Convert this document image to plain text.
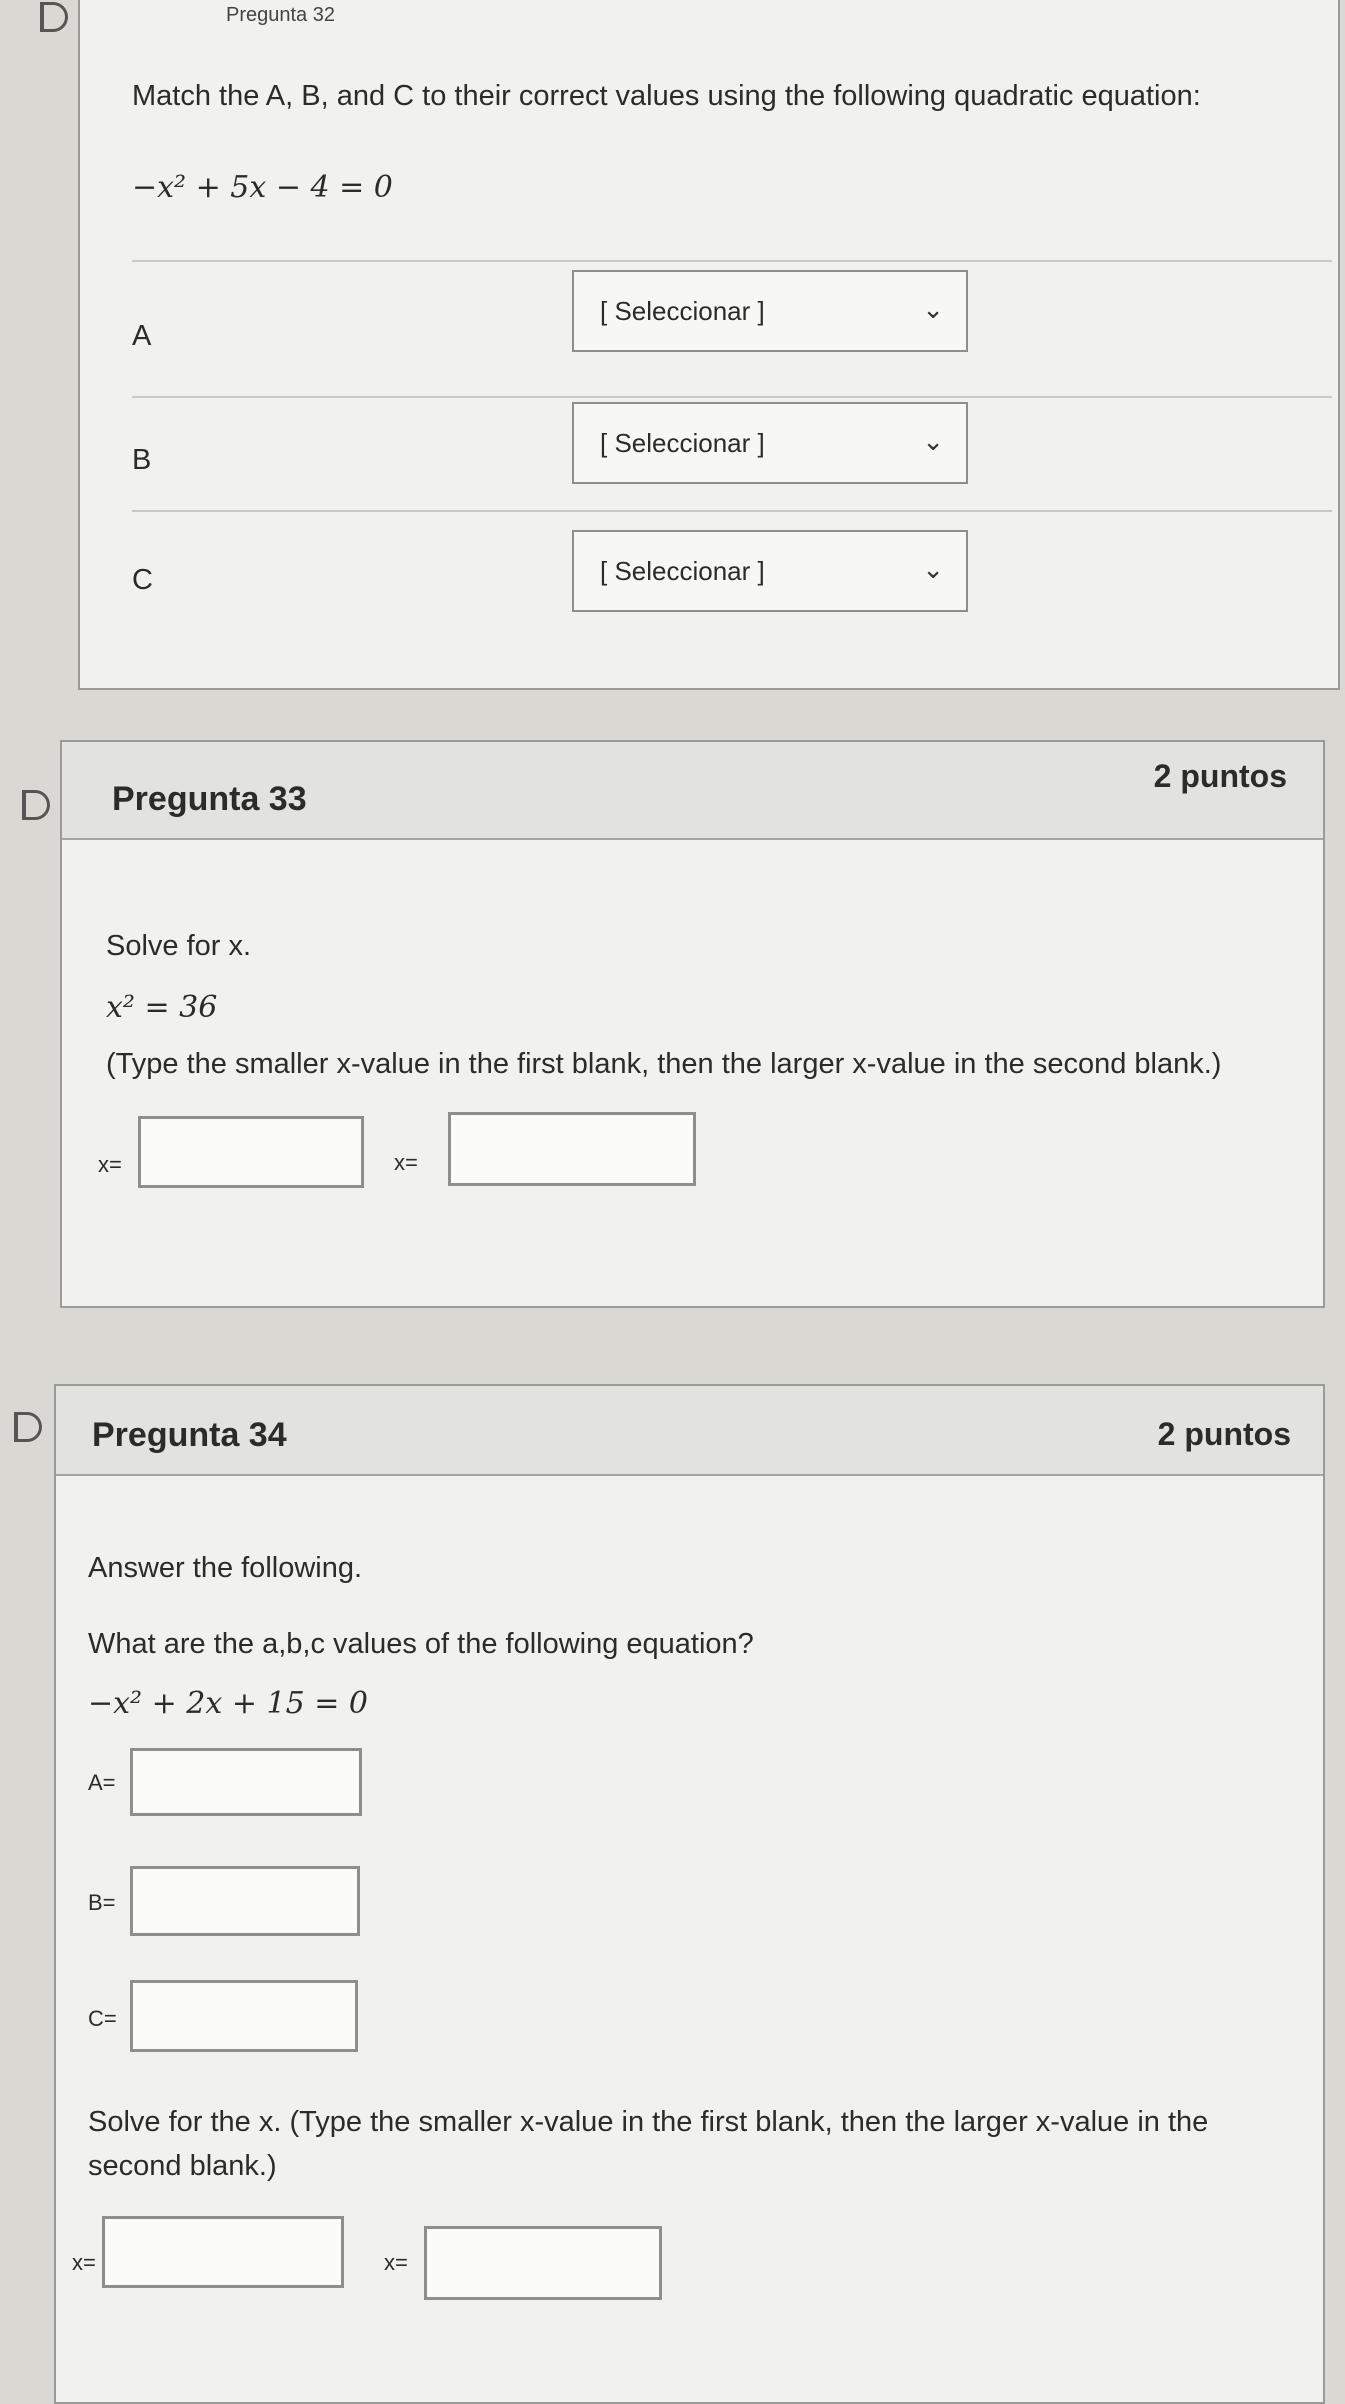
Pregunta 32
Match the A, B, and C to their correct values using the following quadratic equation:
−x² + 5x − 4 = 0
A
[ Seleccionar ]	⌄
B
[ Seleccionar ]	⌄
C	[ Seleccionar ]	⌄
Pregunta 33
2 puntos
Solve for x.
x² = 36
(Type the smaller x-value in the first blank, then the larger x-value in the second blank.)
x=	x=
Pregunta 34	2 puntos
Answer the following.
What are the a,b,c values of the following equation?
−x² + 2x + 15 = 0
A=
B=
C=
Solve for the x. (Type the smaller x-value in the first blank, then the larger x-value in the second blank.)
x=	x=
